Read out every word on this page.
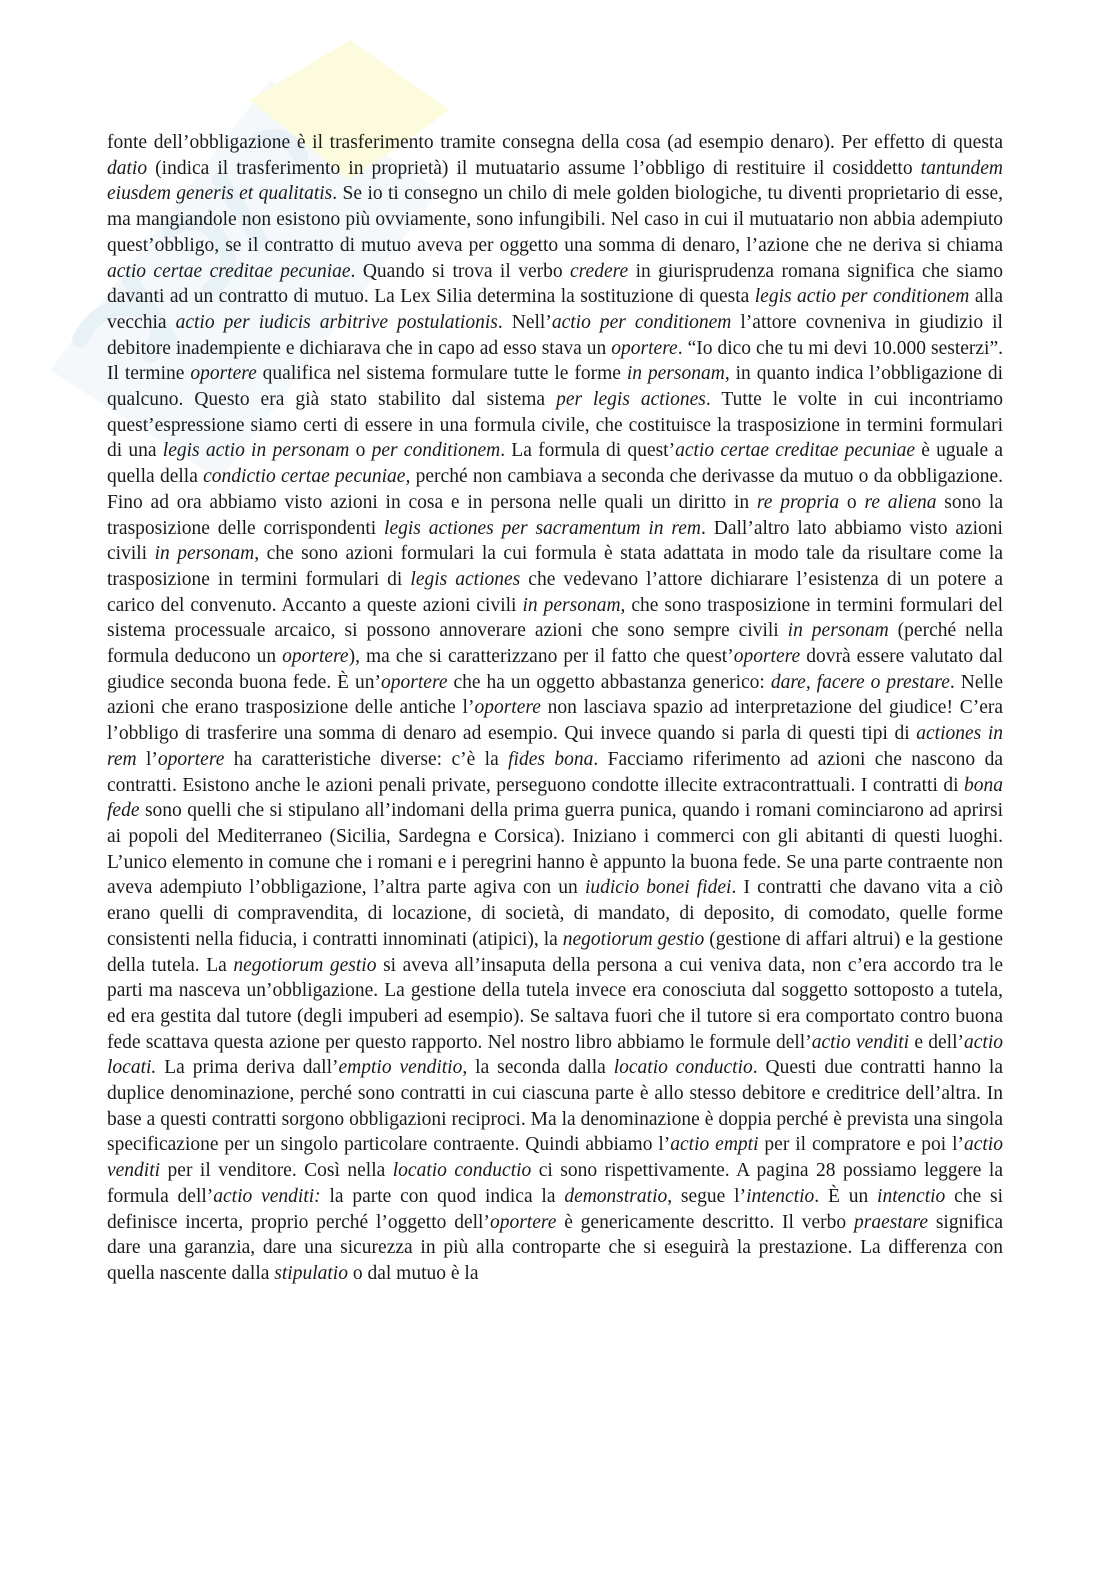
fonte dell’obbligazione è il trasferimento tramite consegna della cosa (ad esempio denaro). Per effetto di questa datio (indica il trasferimento in proprietà) il mutuatario assume l’obbligo di restituire il cosiddetto tantundem eiusdem generis et qualitatis. Se io ti consegno un chilo di mele golden biologiche, tu diventi proprietario di esse, ma mangiandole non esistono più ovviamente, sono infungibili. Nel caso in cui il mutuatario non abbia adempiuto quest’obbligo, se il contratto di mutuo aveva per oggetto una somma di denaro, l’azione che ne deriva si chiama actio certae creditae pecuniae. Quando si trova il verbo credere in giurisprudenza romana significa che siamo davanti ad un contratto di mutuo. La Lex Silia determina la sostituzione di questa legis actio per conditionem alla vecchia actio per iudicis arbitrive postulationis. Nell’actio per conditionem l’attore covneniva in giudizio il debitore inadempiente e dichiarava che in capo ad esso stava un oportere. “Io dico che tu mi devi 10.000 sesterzi”. Il termine oportere qualifica nel sistema formulare tutte le forme in personam, in quanto indica l’obbligazione di qualcuno. Questo era già stato stabilito dal sistema per legis actiones. Tutte le volte in cui incontriamo quest’espressione siamo certi di essere in una formula civile, che costituisce la trasposizione in termini formulari di una legis actio in personam o per conditionem. La formula di quest’actio certae creditae pecuniae è uguale a quella della condictio certae pecuniae, perché non cambiava a seconda che derivasse da mutuo o da obbligazione. Fino ad ora abbiamo visto azioni in cosa e in persona nelle quali un diritto in re propria o re aliena sono la trasposizione delle corrispondenti legis actiones per sacramentum in rem. Dall’altro lato abbiamo visto azioni civili in personam, che sono azioni formulari la cui formula è stata adattata in modo tale da risultare come la trasposizione in termini formulari di legis actiones che vedevano l’attore dichiarare l’esistenza di un potere a carico del convenuto. Accanto a queste azioni civili in personam, che sono trasposizione in termini formulari del sistema processuale arcaico, si possono annoverare azioni che sono sempre civili in personam (perché nella formula deducono un oportere), ma che si caratterizzano per il fatto che quest’oportere dovrà essere valutato dal giudice seconda buona fede. È un’oportere che ha un oggetto abbastanza generico: dare, facere o prestare. Nelle azioni che erano trasposizione delle antiche l’oportere non lasciava spazio ad interpretazione del giudice! C’era l’obbligo di trasferire una somma di denaro ad esempio. Qui invece quando si parla di questi tipi di actiones in rem l’oportere ha caratteristiche diverse: c’è la fides bona. Facciamo riferimento ad azioni che nascono da contratti. Esistono anche le azioni penali private, perseguono condotte illecite extracontrattuali. I contratti di bona fede sono quelli che si stipulano all’indomani della prima guerra punica, quando i romani cominciarono ad aprirsi ai popoli del Mediterraneo (Sicilia, Sardegna e Corsica). Iniziano i commerci con gli abitanti di questi luoghi. L’unico elemento in comune che i romani e i peregrini hanno è appunto la buona fede. Se una parte contraente non aveva adempiuto l’obbligazione, l’altra parte agiva con un iudicio bonei fidei. I contratti che davano vita a ciò erano quelli di compravendita, di locazione, di società, di mandato, di deposito, di comodato, quelle forme consistenti nella fiducia, i contratti innominati (atipici), la negotiorum gestio (gestione di affari altrui) e la gestione della tutela. La negotiorum gestio si aveva all’insaputa della persona a cui veniva data, non c’era accordo tra le parti ma nasceva un’obbligazione. La gestione della tutela invece era conosciuta dal soggetto sottoposto a tutela, ed era gestita dal tutore (degli impuberi ad esempio). Se saltava fuori che il tutore si era comportato contro buona fede scattava questa azione per questo rapporto. Nel nostro libro abbiamo le formule dell’actio venditi e dell’actio locati. La prima deriva dall’emptio venditio, la seconda dalla locatio conductio. Questi due contratti hanno la duplice denominazione, perché sono contratti in cui ciascuna parte è allo stesso debitore e creditrice dell’altra. In base a questi contratti sorgono obbligazioni reciproci. Ma la denominazione è doppia perché è prevista una singola specificazione per un singolo particolare contraente. Quindi abbiamo l’actio empti per il compratore e poi l’actio venditi per il venditore. Così nella locatio conductio ci sono rispettivamente. A pagina 28 possiamo leggere la formula dell’actio venditi: la parte con quod indica la demonstratio, segue l’intenctio. È un intenctio che si definisce incerta, proprio perché l’oggetto dell’oportere è genericamente descritto. Il verbo praestare significa dare una garanzia, dare una sicurezza in più alla controparte che si eseguirà la prestazione. La differenza con quella nascente dalla stipulatio o dal mutuo è la
